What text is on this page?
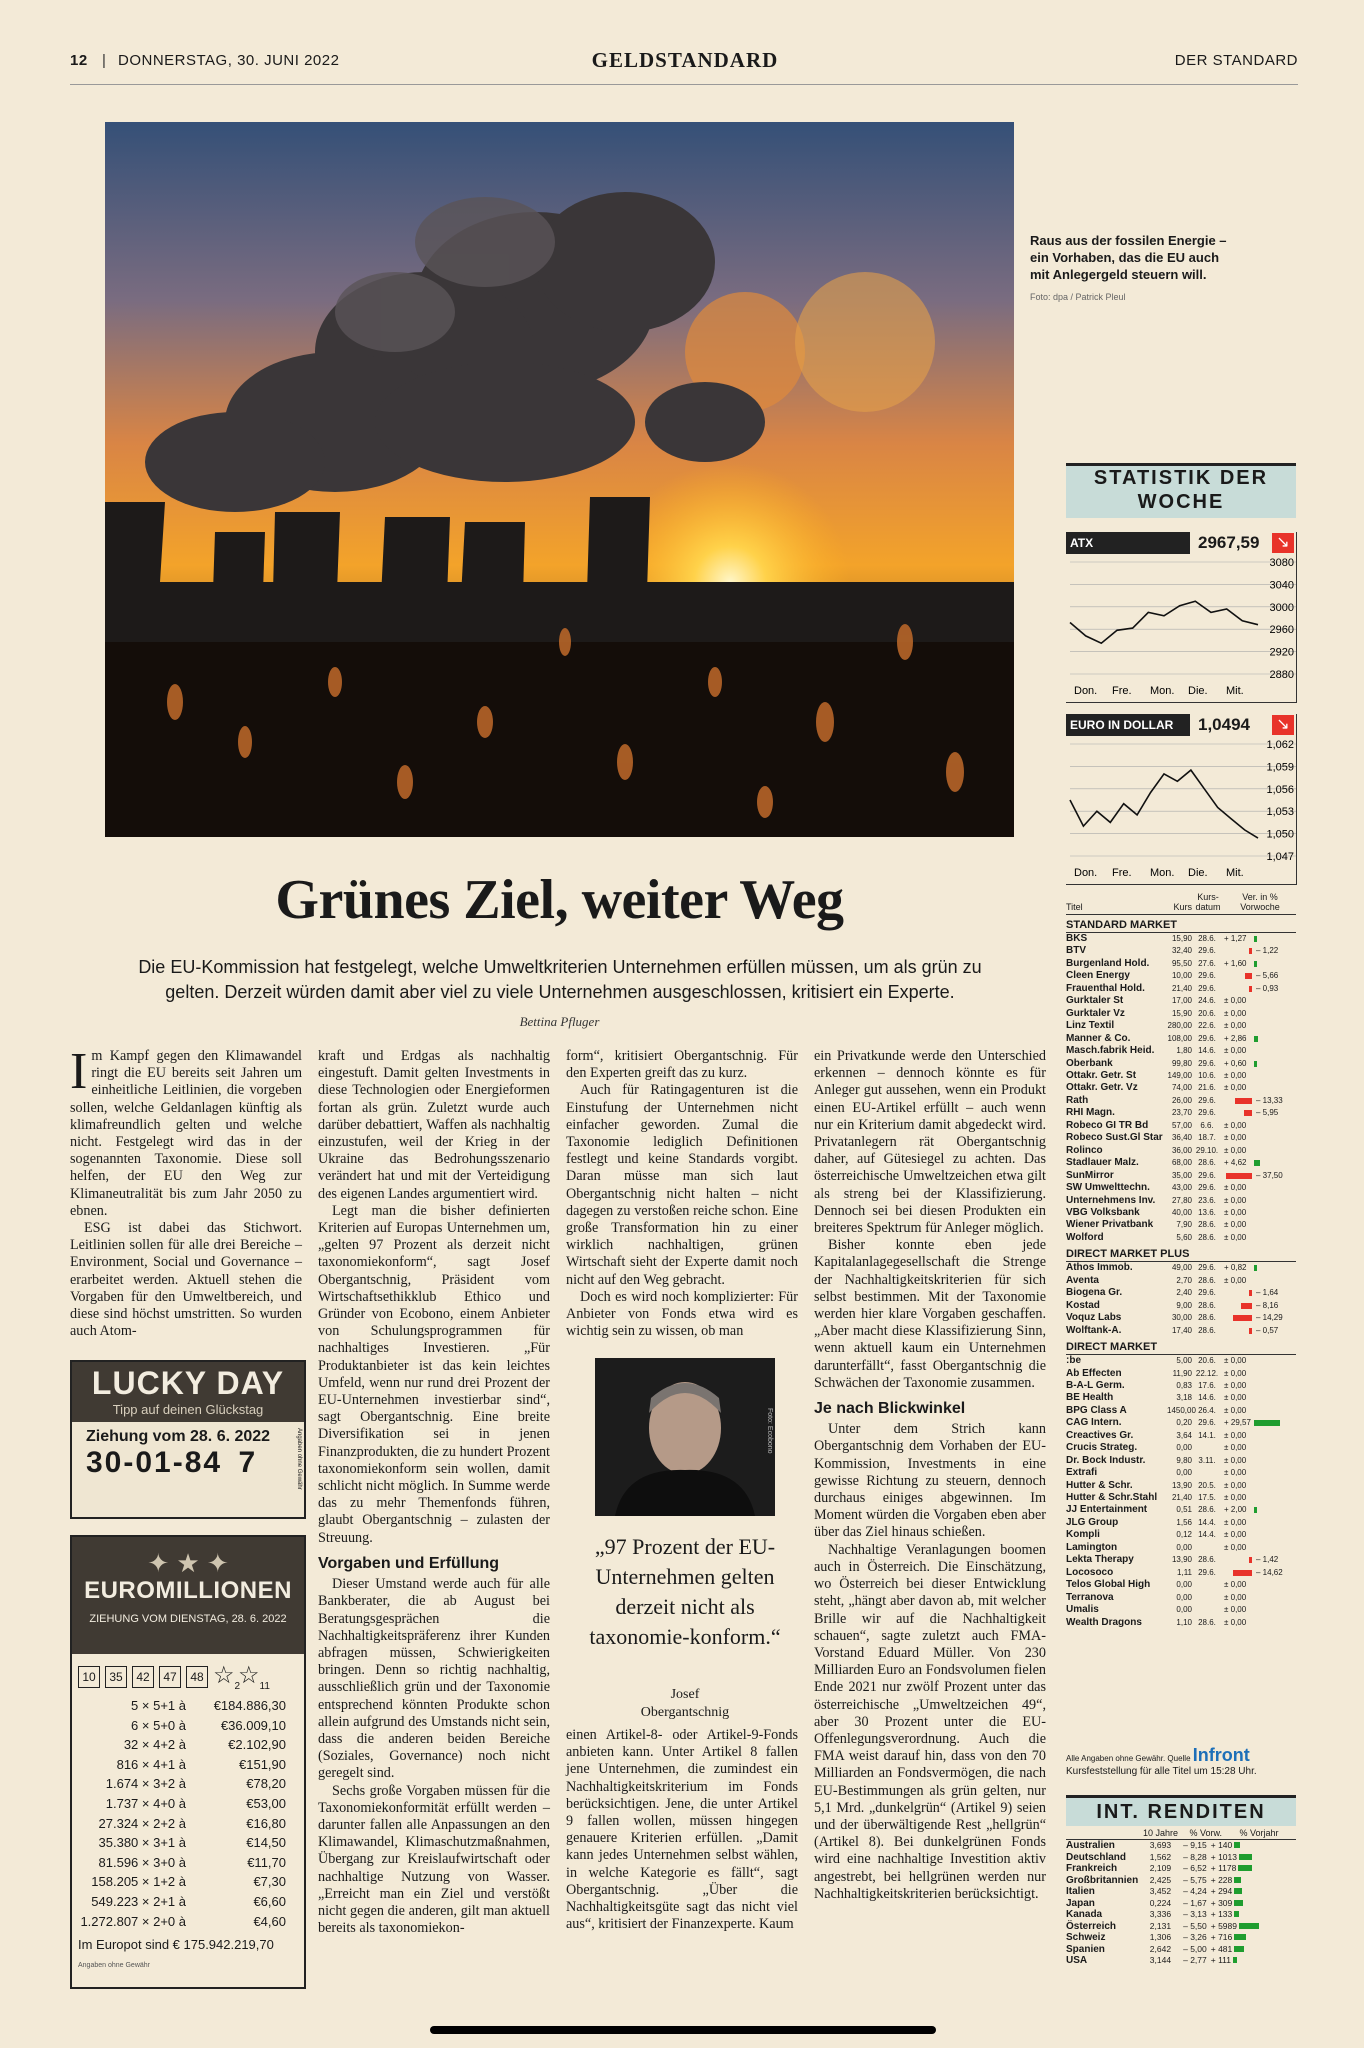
12 | DONNERSTAG, 30. JUNI 2022	GELDSTANDARD	DER STANDARD
Raus aus der fossilen Energie – ein Vorhaben, das die EU auch mit Anlegergeld steuern will.
Foto: dpa / Patrick Pleul
Grünes Ziel, weiter Weg
Die EU-Kommission hat festgelegt, welche Umweltkriterien Unternehmen erfüllen müssen, um als grün zu gelten. Derzeit würden damit aber viel zu viele Unternehmen ausgeschlossen, kritisiert ein Experte.
Bettina Pfluger

Im Kampf gegen den Klimawandel ringt die EU bereits seit Jahren um einheitliche Leitlinien, die vorgeben sollen, welche Geldanlagen künftig als klimafreundlich gelten und welche nicht. Festgelegt wird das in der sogenannten Taxonomie. Diese soll helfen, der EU den Weg zur Klimaneutralität bis zum Jahr 2050 zu ebnen.

ESG ist dabei das Stichwort. Leitlinien sollen für alle drei Bereiche – Environment, Social und Governance – erarbeitet werden. Aktuell stehen die Vorgaben für den Umweltbereich, und diese sind höchst umstritten. So wurden auch Atom-

LUCKY DAY
Tipp auf deinen Glückstag
Ziehung vom 28. 6. 2022
30-01-84 7	Angaben ohne Gewähr
✦ ★ ✦
EUROMILLIONEN
ZIEHUNG VOM DIENSTAG, 28. 6. 2022
10	35	42	47	48 $☆_2$
$☆_{11}$
5 × 5+1 à	€184.886,30
6 × 5+0 à	€36.009,10
32 × 4+2 à	€2.102,90
816 × 4+1 à	€151,90
1.674 × 3+2 à	€78,20
1.737 × 4+0 à	€53,00
27.324 × 2+2 à	€16,80
35.380 × 3+1 à	€14,50
81.596 × 3+0 à	€11,70
158.205 × 1+2 à	€7,30
549.223 × 2+1 à	€6,60
1.272.807 × 2+0 à	€4,60
Im Europot sind € 175.942.219,70
Angaben ohne Gewähr

kraft und Erdgas als nachhaltig eingestuft. Damit gelten Investments in diese Technologien oder Energieformen fortan als grün. Zuletzt wurde auch darüber debattiert, Waffen als nachhaltig einzustufen, weil der Krieg in der Ukraine das Bedrohungsszenario verändert hat und mit der Verteidigung des eigenen Landes argumentiert wird.

Legt man die bisher definierten Kriterien auf Europas Unternehmen um, „gelten 97 Prozent als derzeit nicht taxonomiekonform“, sagt Josef Obergantschnig, Präsident vom Wirtschaftsethikklub Ethico und Gründer von Ecobono, einem Anbieter von Schulungsprogrammen für nachhaltiges Investieren. „Für Produktanbieter ist das kein leichtes Umfeld, wenn nur rund drei Prozent der EU-Unternehmen investierbar sind“, sagt Obergantschnig. Eine breite Diversifikation sei in jenen Finanzprodukten, die zu hundert Prozent taxonomiekonform sein wollen, damit schlicht nicht möglich. In Summe werde das zu mehr Themenfonds führen, glaubt Obergantschnig – zulasten der Streuung.

Vorgaben und Erfüllung

Dieser Umstand werde auch für alle Bankberater, die ab August bei Beratungsgesprächen die Nachhaltigkeitspräferenz ihrer Kunden abfragen müssen, Schwierigkeiten bringen. Denn so richtig nachhaltig, ausschließlich grün und der Taxonomie entsprechend könnten Produkte schon allein aufgrund des Umstands nicht sein, dass die anderen beiden Bereiche (Soziales, Governance) noch nicht geregelt sind.

Sechs große Vorgaben müssen für die Taxonomiekonformität erfüllt werden – darunter fallen alle Anpassungen an den Klimawandel, Klimaschutzmaßnahmen, Übergang zur Kreislaufwirtschaft oder nachhaltige Nutzung von Wasser. „Erreicht man ein Ziel und verstößt nicht gegen die anderen, gilt man aktuell bereits als taxonomiekon-

form“, kritisiert Obergantschnig. Für den Experten greift das zu kurz.

Auch für Ratingagenturen ist die Einstufung der Unternehmen nicht einfacher geworden. Zumal die Taxonomie lediglich Definitionen festlegt und keine Standards vorgibt. Daran müsse man sich laut Obergantschnig nicht halten – nicht dagegen zu verstoßen reiche schon. Eine große Transformation hin zu einer wirklich nachhaltigen, grünen Wirtschaft sieht der Experte damit noch nicht auf den Weg gebracht.

Doch es wird noch komplizierter: Für Anbieter von Fonds etwa wird es wichtig sein zu wissen, ob man

Foto: Ecobono
„97 Prozent der EU-Unternehmen gelten derzeit nicht als taxonomie-konform.“
Josef
Obergantschnig

einen Artikel-8- oder Artikel-9-Fonds anbieten kann. Unter Artikel 8 fallen jene Unternehmen, die zumindest ein Nachhaltigkeitskriterium im Fonds berücksichtigen. Jene, die unter Artikel 9 fallen wollen, müssen hingegen genauere Kriterien erfüllen. „Damit kann jedes Unternehmen selbst wählen, in welche Kategorie es fällt“, sagt Obergantschnig. „Über die Nachhaltigkeitsgüte sagt das nicht viel aus“, kritisiert der Finanzexperte. Kaum

ein Privatkunde werde den Unterschied erkennen – dennoch könnte es für Anleger gut aussehen, wenn ein Produkt einen EU-Artikel erfüllt – auch wenn nur ein Kriterium damit abgedeckt wird. Privatanlegern rät Obergantschnig daher, auf Gütesiegel zu achten. Das österreichische Umweltzeichen etwa gilt als streng bei der Klassifizierung. Dennoch sei bei diesen Produkten ein breiteres Spektrum für Anleger möglich.

Bisher konnte eben jede Kapitalanlagegesellschaft die Strenge der Nachhaltigkeitskriterien für sich selbst bestimmen. Mit der Taxonomie werden hier klare Vorgaben geschaffen. „Aber macht diese Klassifizierung Sinn, wenn aktuell kaum ein Unternehmen darunterfällt“, fasst Obergantschnig die Schwächen der Taxonomie zusammen.

Je nach Blickwinkel

Unter dem Strich kann Obergantschnig dem Vorhaben der EU-Kommission, Investments in eine gewisse Richtung zu steuern, dennoch durchaus einiges abgewinnen. Im Moment würden die Vorgaben eben aber über das Ziel hinaus schießen.

Nachhaltige Veranlagungen boomen auch in Österreich. Die Einschätzung, wo Österreich bei dieser Entwicklung steht, „hängt aber davon ab, mit welcher Brille wir auf die Nachhaltigkeit schauen“, sagte zuletzt auch FMA-Vorstand Eduard Müller. Von 230 Milliarden Euro an Fondsvolumen fielen Ende 2021 nur zwölf Prozent unter das österreichische „Umweltzeichen 49“, aber 30 Prozent unter die EU-Offenlegungsverordnung. Auch die FMA weist darauf hin, dass von den 70 Milliarden an Fondsvermögen, die nach EU-Bestimmungen als grün gelten, nur 5,1 Mrd. „dunkelgrün“ (Artikel 9) seien und der überwältigende Rest „hellgrün“ (Artikel 8). Bei dunkelgrünen Fonds wird eine nachhaltige Investition aktiv angestrebt, bei hellgrünen werden nur Nachhaltigkeitskriterien berücksichtigt.

STATISTIK DER WOCHE
ATX	2967,59 ↘
3080
3040
3000
2960
2920
2880
Don. Fre. Mon. Die. Mit.
EURO IN DOLLAR	1,0494 ↘
1,062
1,059
1,056
1,053
1,050
1,047
Don. Fre. Mon. Die. Mit.
Titel	Kurs
Kurs-datum
Ver. in % Vorwoche
STANDARD MARKET
BKS	15,90 28.6.	+ 1,27
BTV	32,40 29.6.	– 1,22
Burgenland Hold.	95,50 27.6.	+ 1,60
Cleen Energy	10,00 29.6.	– 5,66
Frauenthal Hold.	21,40 29.6.	– 0,93
Gurktaler St	17,00 24.6.	± 0,00
Gurktaler Vz	15,90 20.6.	± 0,00
Linz Textil	280,00 22.6.	± 0,00
Manner & Co.	108,00 29.6.	+ 2,86
Masch.fabrik Heid.	1,80 14.6.	± 0,00
Oberbank	99,80 29.6.	+ 0,60
Ottakr. Getr. St	149,00 10.6.	± 0,00
Ottakr. Getr. Vz	74,00 21.6.	± 0,00
Rath	26,00 29.6.	– 13,33
RHI Magn.	23,70 29.6.	– 5,95
Robeco GI TR Bd	57,00	6.6.	± 0,00
Robeco Sust.Gl Star	36,40 18.7.	± 0,00
Rolinco	36,00 29.10. ± 0,00
Stadlauer Malz.	68,00 28.6.	+ 4,62
SunMirror	35,00 29.6.	– 37,50
SW Umwelttechn.	43,00 29.6.	± 0,00
Unternehmens Inv.	27,80 23.6.	± 0,00
VBG Volksbank	40,00 13.6.	± 0,00
Wiener Privatbank	7,90 28.6.	± 0,00
Wolford	5,60 28.6.	± 0,00
DIRECT MARKET PLUS
Athos Immob.	49,00 29.6.	+ 0,82
Aventa	2,70 28.6.	± 0,00
Biogena Gr.	2,40 29.6.	– 1,64
Kostad	9,00 28.6.	– 8,16
Voquz Labs	30,00 28.6.	– 14,29
Wolftank-A.	17,40 28.6.	– 0,57
DIRECT MARKET
:be	5,00 20.6.	± 0,00
Ab Effecten	11,90 22.12. ± 0,00
B-A-L Germ.	0,83 17.6.	± 0,00
BE Health	3,18 14.6.	± 0,00
BPG Class A	1450,00 26.4.	± 0,00
CAG Intern.	0,20 29.6.	+ 29,57
Creactives Gr.	3,64 14.1.	± 0,00
Crucis Strateg.	0,00	± 0,00
Dr. Bock Industr.	9,80 3.11.	± 0,00
Extrafi	0,00	± 0,00
Hutter & Schr.	13,90 20.5.	± 0,00
Hutter & Schr.Stahl	21,40 17.5.	± 0,00
JJ Entertainment	0,51 28.6.	+ 2,00
JLG Group	1,56 14.4.	± 0,00
Kompli	0,12 14.4.	± 0,00
Lamington	0,00	± 0,00
Lekta Therapy	13,90 28.6.	– 1,42
Locosoco	1,11 29.6.	– 14,62
Telos Global High	0,00	± 0,00
Terranova	0,00	± 0,00
Umalis	0,00	± 0,00
Wealth Dragons	1,10 28.6.	± 0,00
Alle Angaben ohne Gewähr. Quelle Infront
Kursfeststellung für alle Titel um 15:28 Uhr.
INT. RENDITEN
10 Jahre	% Vorw.	% Vorjahr
Australien	3,693	– 9,15 + 140
Deutschland	1,562	– 8,28 + 1013
Frankreich	2,109	– 6,52 + 1178
Großbritannien	2,425	– 5,75 + 228
Italien	3,452	– 4,24 + 294
Japan	0,224	– 1,67 + 309
Kanada	3,336	– 3,13 + 133
Österreich	2,131	– 5,50 + 5989
Schweiz	1,306	– 3,26 + 716
Spanien	2,642	– 5,00 + 481
USA	3,144	– 2,77 + 111
